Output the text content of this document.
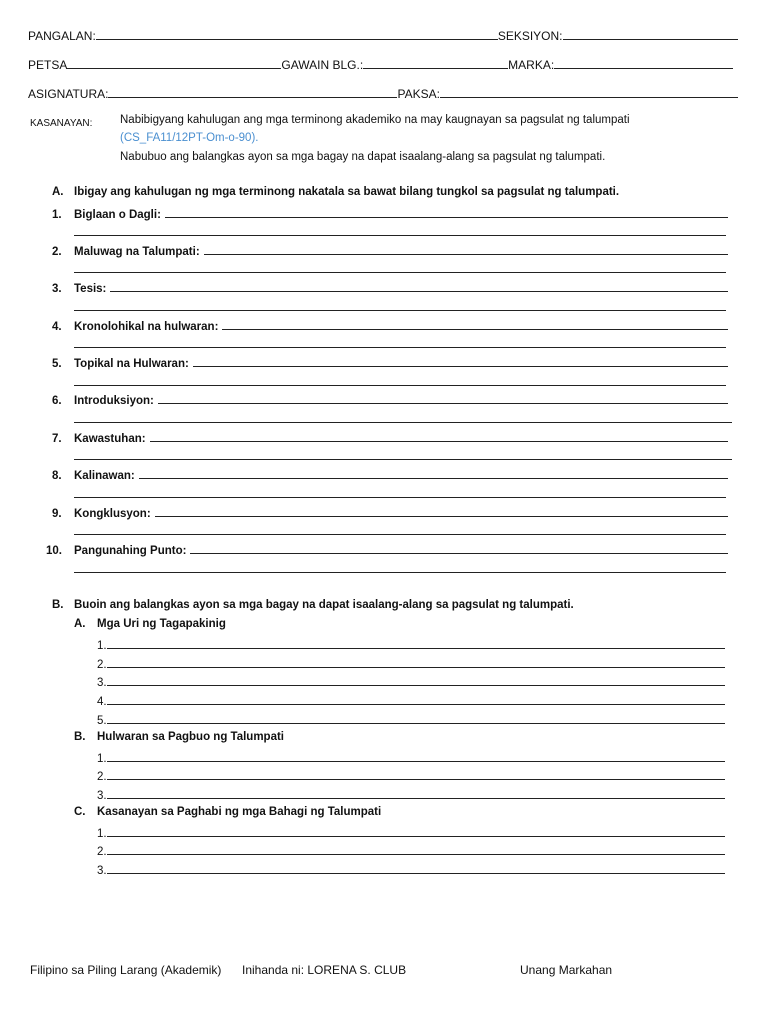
PANGALAN:	SEKSIYON:
PETSA	GAWAIN BLG.:	MARKA:
ASIGNATURA:	PAKSA:
KASANAYAN: Nabibigyang kahulugan ang mga terminong akademiko na may kaugnayan sa pagsulat ng talumpati
(CS_FA11/12PT-Om-o-90).
Nabubuo ang balangkas ayon sa mga bagay na dapat isaalang-alang sa pagsulat ng talumpati.
A. Ibigay ang kahulugan ng mga terminong nakatala sa bawat bilang tungkol sa pagsulat ng talumpati.
1.	Biglaan o Dagli:
2.	Maluwag na Talumpati:
3.	Tesis:
4.	Kronolohikal na hulwaran:
5.	Topikal na Hulwaran:
6.	Introduksiyon:
7.	Kawastuhan:
8.	Kalinawan:
9.	Kongklusyon:
10.	Pangunahing Punto:
B. Buoin ang balangkas ayon sa mga bagay na dapat isaalang-alang sa pagsulat ng talumpati.
A. Mga Uri ng Tagapakinig
1.
2.
3.
4.
5.
B. Hulwaran sa Pagbuo ng Talumpati
1.
2.
3.
C. Kasanayan sa Paghabi ng mga Bahagi ng Talumpati
1.
2.
3.
Filipino sa Piling Larang (Akademik) Inihanda ni: LORENA S. CLUB	Unang Markahan
